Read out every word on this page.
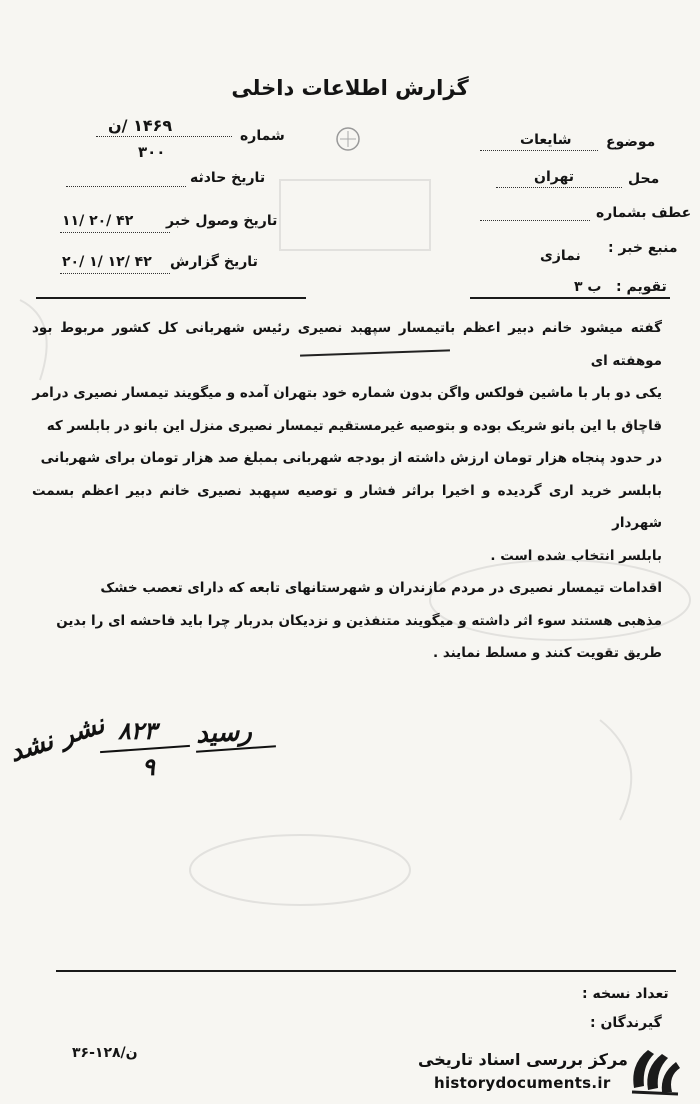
گزارش اطلاعات داخلی
۱۴۶۹ /ن
شماره
۳۰۰
تاریخ حادثه
۱۱/ ۲۰/ ۴۲ تاریخ وصول خبر
۲۰/ ۱/ ۱۲/ ۴۲ تاریخ گزارش
موضوع
شایعات
محل
تهران
عطف بشماره
منبع خبر :
نمازی
تقویم :
ب ۳

گفته میشود خانم دبیر اعظم باتیمسار سپهبد نصیری رئیس شهربانی کل کشور مربوط بود موهفته ای

یکی دو بار با ماشین فولکس واگن بدون شماره خود بتهران آمده و میگویند تیمسار نصیری درامر

قاچاق با این بانو شریک بوده و بتوصیه غیرمستقیم تیمسار نصیری منزل این بانو در بابلسر که

در حدود پنجاه هزار تومان ارزش داشته از بودجه شهربانی بمبلغ صد هزار تومان برای شهربانی

بابلسر خرید اری گردیده و اخیرا براثر فشار و توصیه سپهبد نصیری خانم دبیر اعظم بسمت شهردار

بابلسر انتخاب شده است .

اقدامات تیمسار نصیری در مردم مازندران و شهرستانهای تابعه که دارای تعصب خشک

مذهبی هستند سوء اثر داشته و میگویند متنفذین و نزدیکان بدربار چرا باید فاحشه ای را بدین

طریق تقویت کنند و مسلط نمایند .

نشر نشد ۸۲۳
۹
رسید
تعداد نسخه :
گیرندگان :
ن/۱۲۸-۳۶	مرکز بررسی اسناد تاریخی
historydocuments.ir
